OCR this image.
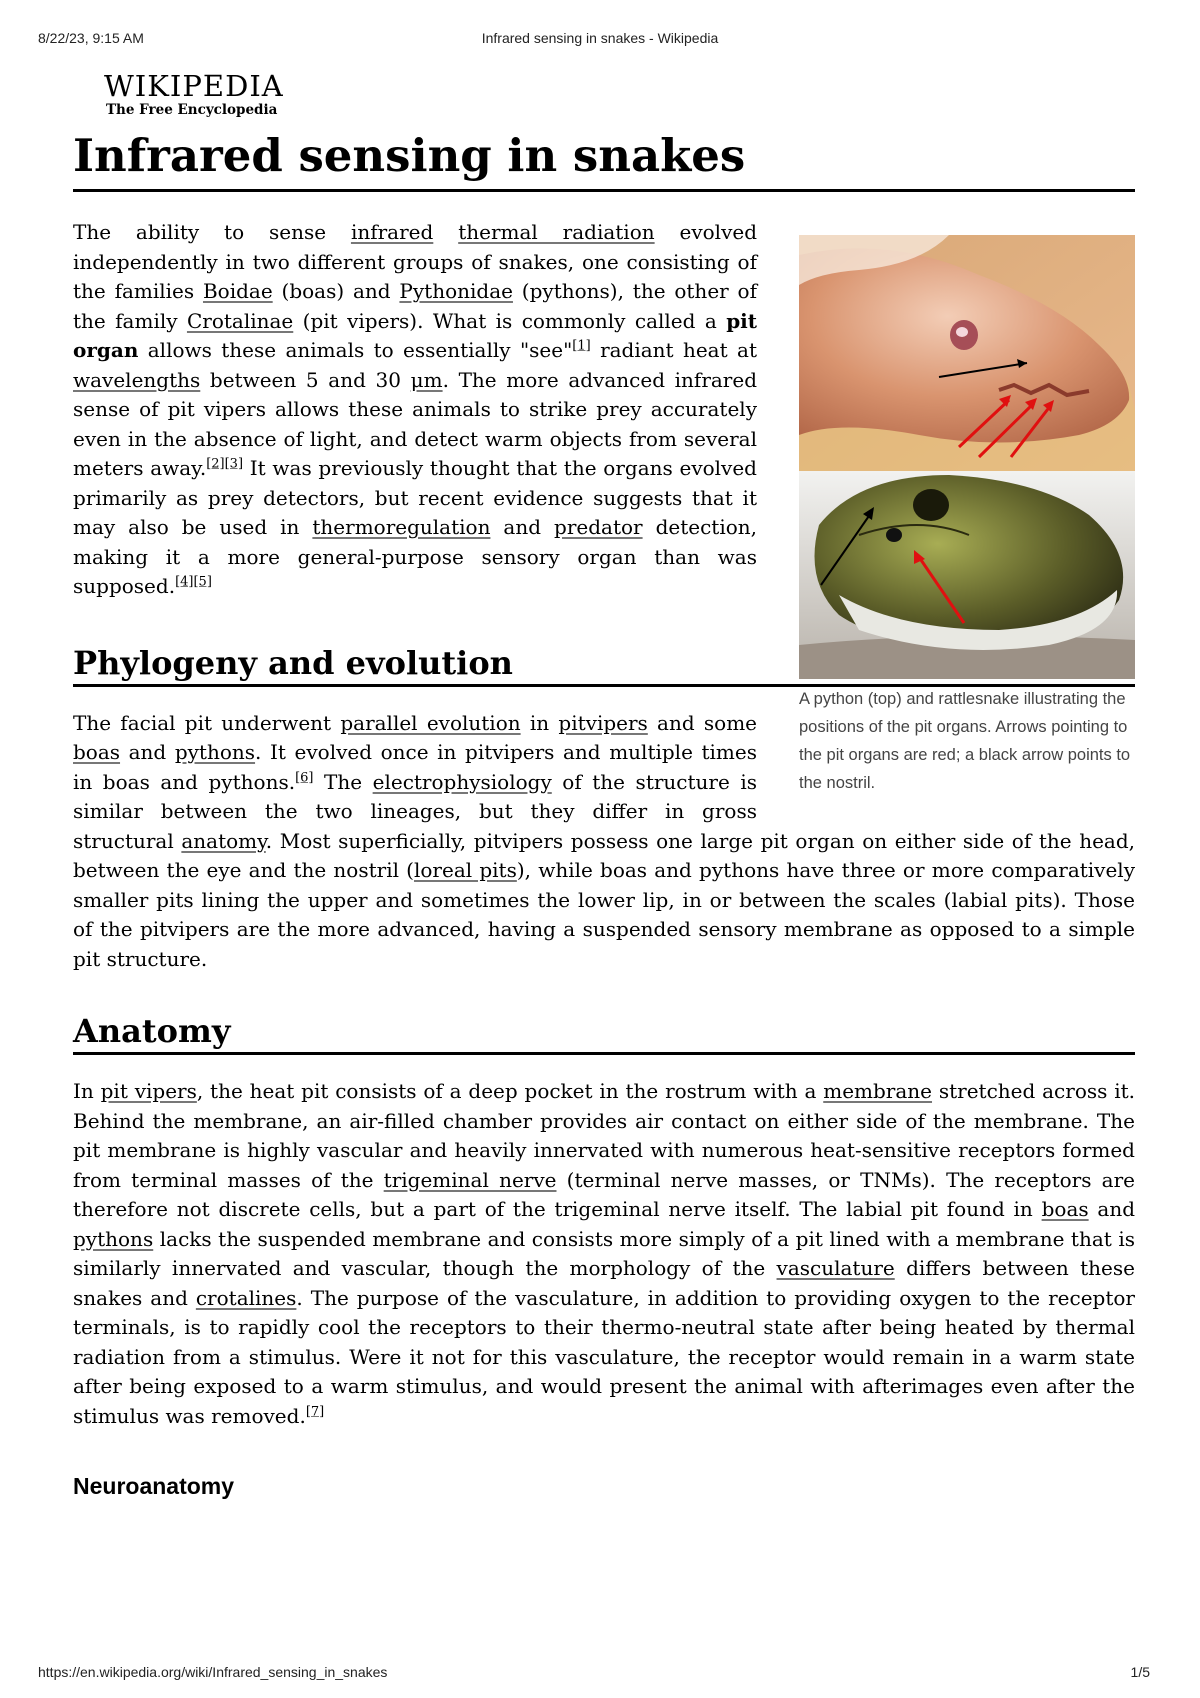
8/22/23, 9:15 AM	Infrared sensing in snakes - Wikipedia
WIKIPEDIA
The Free Encyclopedia
Infrared sensing in snakes
A python (top) and rattlesnake illustrating the positions of the pit organs. Arrows pointing to the pit organs are red; a black arrow points to the nostril.

The ability to sense infrared thermal radiation evolved independently in two different groups of snakes, one consisting of the families Boidae (boas) and Pythonidae (pythons), the other of the family Crotalinae (pit vipers). What is commonly called a pit organ allows these animals to essentially "see"[1] radiant heat at wavelengths between 5 and 30 μm. The more advanced infrared sense of pit vipers allows these animals to strike prey accurately even in the absence of light, and detect warm objects from several meters away.[2][3] It was previously thought that the organs evolved primarily as prey detectors, but recent evidence suggests that it may also be used in thermoregulation and predator detection, making it a more general-purpose sensory organ than was supposed.[4][5]

Phylogeny and evolution

The facial pit underwent parallel evolution in pitvipers and some boas and pythons. It evolved once in pitvipers and multiple times in boas and pythons.[6] The electrophysiology of the structure is similar between the two lineages, but they differ in gross structural anatomy. Most superficially, pitvipers possess one large pit organ on either side of the head, between the eye and the nostril (loreal pits), while boas and pythons have three or more comparatively smaller pits lining the upper and sometimes the lower lip, in or between the scales (labial pits). Those of the pitvipers are the more advanced, having a suspended sensory membrane as opposed to a simple pit structure.

Anatomy

In pit vipers, the heat pit consists of a deep pocket in the rostrum with a membrane stretched across it. Behind the membrane, an air-filled chamber provides air contact on either side of the membrane. The pit membrane is highly vascular and heavily innervated with numerous heat-sensitive receptors formed from terminal masses of the trigeminal nerve (terminal nerve masses, or TNMs). The receptors are therefore not discrete cells, but a part of the trigeminal nerve itself. The labial pit found in boas and pythons lacks the suspended membrane and consists more simply of a pit lined with a membrane that is similarly innervated and vascular, though the morphology of the vasculature differs between these snakes and crotalines. The purpose of the vasculature, in addition to providing oxygen to the receptor terminals, is to rapidly cool the receptors to their thermo-neutral state after being heated by thermal radiation from a stimulus. Were it not for this vasculature, the receptor would remain in a warm state after being exposed to a warm stimulus, and would present the animal with afterimages even after the stimulus was removed.[7]

Neuroanatomy
https://en.wikipedia.org/wiki/Infrared_sensing_in_snakes	1/5
